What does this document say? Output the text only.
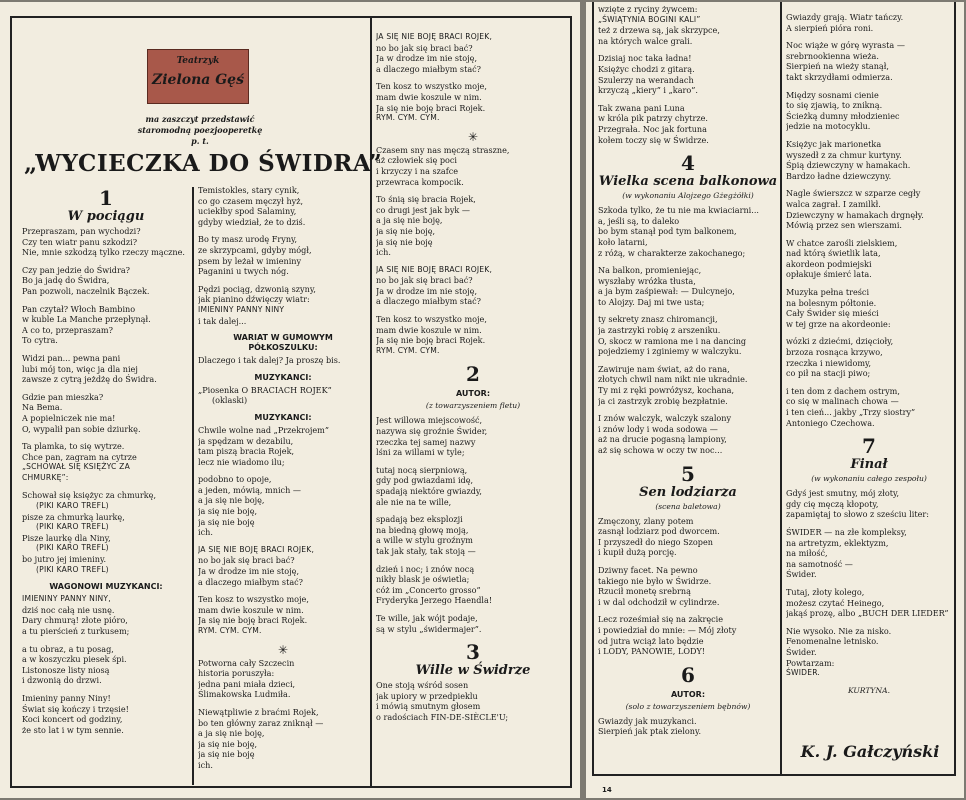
Teatrzyk
Zielona Gęś
ma zaszczyt przedstawić
staromodną poezjooperetkę
p. t.
„WYCIECZKA DO ŚWIDRA”
1
W pociągu

Przepraszam, pan wychodzi?
Czy ten wiatr panu szkodzi?
Nie, mnie szkodzą tylko rzeczy mączne.

Czy pan jedzie do Świdra?
Bo ja jadę do Świdra,
Pan pozwoli, naczelnik Bączek.

Pan czytał? Włoch Bambino
w kuble La Manche przepłynął.
A co to, przepraszam?
To cytra.

Widzi pan... pewna pani
lubi mój ton, więc ja dla niej
zawsze z cytrą jeżdżę do Świdra.

Gdzie pan mieszka?
Na Bema.
A popielniczek nie ma!
O, wypalił pan sobie dziurkę.

Ta plamka, to się wytrze.
Chce pan, zagram na cytrze
„SCHOWAŁ SIĘ KSIĘŻYC ZA
CHMURKĘ”:

Schował się księżyc za chmurkę,
(PIKI KARO TREFL)
pisze za chmurką laurkę,
(PIKI KARO TREFL)
Pisze laurkę dla Niny,
(PIKI KARO TREFL)
bo jutro jej imieniny.
(PIKI KARO TREFL)

WAGONOWI MUZYKANCI:

IMIENINY PANNY NINY,
dziś noc całą nie usnę.
Dary chmurą! złote pióro,
a tu pierścień z turkusem;

a tu obraz, a tu posag,
a w koszyczku piesek śpi.
Listonosze listy niosą
i dzwonią do drzwi.

Imieniny panny Niny!
Świat się kończy i trzęsie!
Koci koncert od godziny,
że sto lat i w tym sennie.

Temistokles, stary cynik,
co go czasem męczył hyż,
uciekłby spod Salaminy,
gdyby wiedział, że to dziś.

Bo ty masz urodę Fryny,
ze skrzypcami, gdyby mógł,
psem by leżał w imieniny
Paganini u twych nóg.

Pędzi pociąg, dzwonią szyny,
jak pianino dźwięczy wiatr:
IMIENINY PANNY NINY
i tak dalej...

WARIAT W GUMOWYM PÓŁKOSZULKU:

Dlaczego i tak dalej? Ja proszę bis.

MUZYKANCI:

„Piosenka O BRACIACH ROJEK”
(oklaski)

MUZYKANCI:

Chwile wolne nad „Przekrojem”
ja spędzam w dezabilu,
tam piszą bracia Rojek,
lecz nie wiadomo ilu;

podobno to opoje,
a jeden, mówią, mnich —
a ja się nie boję,
ja się nie boję,
ja się nie boję
ich.

JA SIĘ NIE BOJĘ BRACI ROJEK,
no bo jak się braci bać?
Ja w drodze im nie stoję,
a dlaczego miałbym stać?

Ten kosz to wszystko moje,
mam dwie koszule w nim.
Ja się nie boję braci Rojek.
RYM. CYM. CYM.

✳

Potworna cały Szczecin
historia poruszyła:
jedna pani miała dzieci,
Ślimakowska Ludmiła.

Niewątpliwie z braćmi Rojek,
bo ten główny zaraz zniknął —
a ja się nie boję,
ja się nie boję,
ja się nie boję
ich.

JA SIĘ NIE BOJĘ BRACI ROJEK,
no bo jak się braci bać?
Ja w drodze im nie stoję,
a dlaczego miałbym stać?

Ten kosz to wszystko moje,
mam dwie koszule w nim.
Ja się nie boję braci Rojek.
RYM. CYM. CYM.

✳

Czasem sny nas męczą straszne,
aż człowiek się poci
i krzyczy i na szafce
przewraca kompocik.

To śnią się bracia Rojek,
co drugi jest jak byk —
a ja się nie boję,
ja się nie boję,
ja się nie boję
ich.

JA SIĘ NIE BOJĘ BRACI ROJEK,
no bo jak się braci bać?
Ja w drodze im nie stoję,
a dlaczego miałbym stać?

Ten kosz to wszystko moje,
mam dwie koszule w nim.
Ja się nie boję braci Rojek.
RYM. CYM. CYM.

2
AUTOR:
(z towarzyszeniem fletu)

Jest willowa miejscowość,
nazywa się groźnie Świder,
rzeczka tej samej nazwy
lśni za willami w tyle;

tutaj nocą sierpniową,
gdy pod gwiazdami idę,
spadają niektóre gwiazdy,
ale nie na te wille,

spadają bez eksplozji
na biedną głowę moją,
a wille w stylu groźnym
tak jak stały, tak stoją —

dzień i noc; i znów nocą
nikły blask je oświetla;
cóż im „Concerto grosso”
Fryderyka Jerzego Haendla!

Te wille, jak wójt podaje,
są w stylu „świdermajer”.

3
Wille w Świdrze

One stoją wśród sosen
jak upiory w przedpieklu
i mówią smutnym głosem
o radościach FIN-DE-SIÈCLE'U;

wzięte z ryciny żywcem:
„ŚWIĄTYNIA BOGINI KALI”
też z drzewa są, jak skrzypce,
na których walce grali.

Dzisiaj noc taka ładna!
Księżyc chodzi z gitarą.
Szulerzy na werandach
krzyczą „kiery” i „karo”.

Tak zwana pani Luna
w króla pik patrzy chytrze.
Przegrała. Noc jak fortuna
kołem toczy się w Świdrze.

4
Wielka scena balkonowa
(w wykonaniu Alojzego Gżegżółki)

Szkoda tylko, że tu nie ma kwiaciarni...
a, jeśli są, to daleko
bo bym stanął pod tym balkonem,
koło latarni,
z różą, w charakterze zakochanego;

Na balkon, promieniejąc,
wyszłaby wróżka tłusta,
a ja bym zaśpiewał: — Dulcynejo,
to Alojzy. Daj mi twe usta;

ty sekrety znasz chiromancji,
ja zastrzyki robię z arszeniku.
O, skocz w ramiona me i na dancing
pojedziemy i zginiemy w walczyku.

Zawiruje nam świat, aż do rana,
złotych chwil nam nikt nie ukradnie.
Ty mi z ręki powróżysz, kochana,
ja ci zastrzyk zrobię bezpłatnie.

I znów walczyk, walczyk szalony
i znów lody i woda sodowa —
aż na drucie pogasną lampiony,
aż się schowa w oczy tw noc...

5
Sen lodziarza
(scena baletowa)

Zmęczony, zlany potem
zasnął lodziarz pod dworcem.
I przyszedł do niego Szopen
i kupił dużą porcję.

Dziwny facet. Na pewno
takiego nie było w Świdrze.
Rzucił monetę srebrną
i w dal odchodził w cylindrze.

Lecz roześmiał się na zakręcie
i powiedział do mnie: — Mój złoty
od jutra wciąż lato będzie
i LODY, PANOWIE, LODY!

6
AUTOR:
(solo z towarzyszeniem bębnów)

Gwiazdy jak muzykanci.
Sierpień jak ptak zielony.

Gwiazdy grają. Wiatr tańczy.
A sierpień pióra roni.

Noc wiąże w górę wyrasta —
srebrnookienna wieża.
Sierpień na wieży stanął,
takt skrzydłami odmierza.

Między sosnami cienie
to się zjawią, to znikną.
Ścieżką dumny młodzieniec
jedzie na motocyklu.

Księżyc jak marionetka
wyszedł z za chmur kurtyny.
Śpią dziewczyny w hamakach.
Bardzo ładne dziewczyny.

Nagle świerszcz w szparze cegły
walca zagrał. I zamilkł.
Dziewczyny w hamakach drgnęły.
Mówią przez sen wierszami.

W chatce zarośli zielskiem,
nad którą świetlik lata,
akordeon podmiejski
opłakuje śmierć lata.

Muzyka pełna treści
na bolesnym półtonie.
Cały Świder się mieści
w tej grze na akordeonie:

wózki z dziećmi, dzięcioły,
brzoza rosnąca krzywo,
rzeczka i niewidomy,
co pił na stacji piwo;

i ten dom z dachem ostrym,
co się w malinach chowa —
i ten cień... jakby „Trzy siostry”
Antoniego Czechowa.

7
Finał
(w wykonaniu całego zespołu)

Gdyś jest smutny, mój złoty,
gdy cię męczą kłopoty,
zapamiętaj to słowo z sześciu liter:

ŚWIDER — na złe kompleksy,
na artretyzm, eklektyzm,
na miłość,
na samotność —
Świder.

Tutaj, złoty kolego,
możesz czytać Heinego,
jakąś prozę, albo „BUCH DER LIEDER”

Nie wysoko. Nie za nisko.
Fenomenalne letnisko.
Świder.
Powtarzam:
ŚWIDER.

KURTYNA.
K. J. Gałczyński
14
